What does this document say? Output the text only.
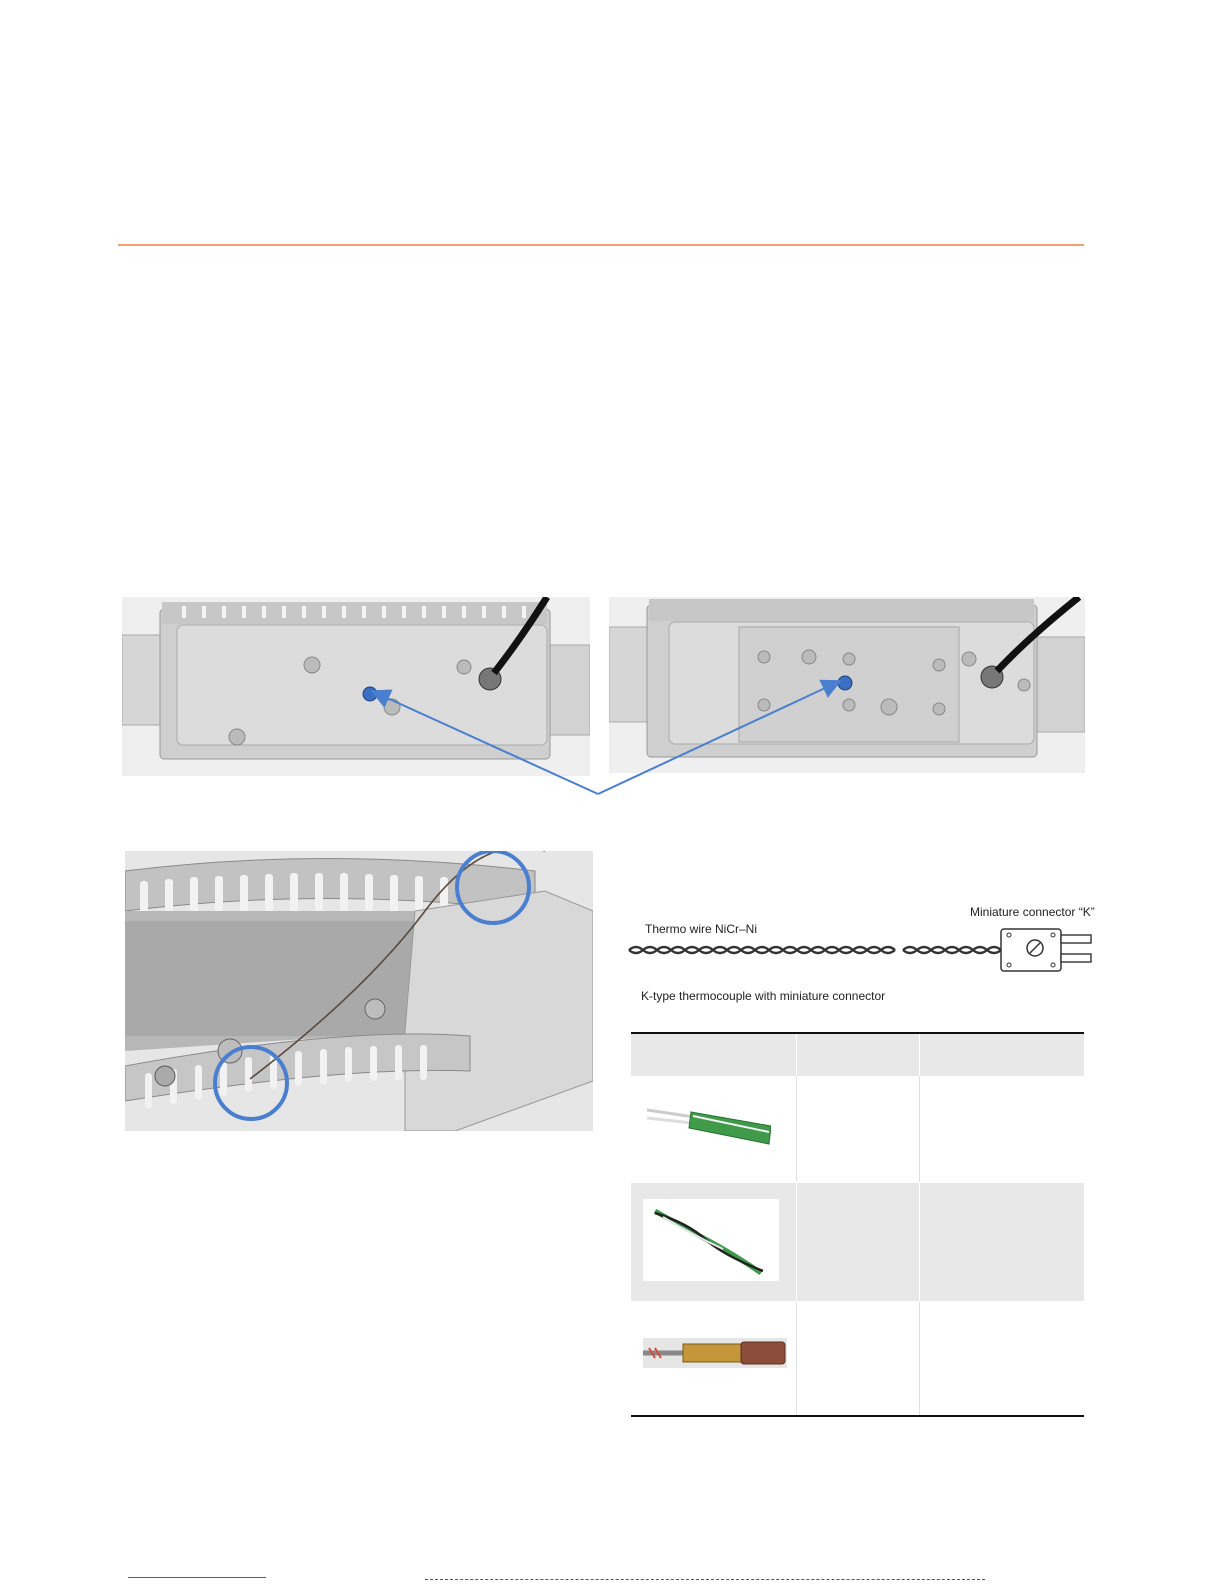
Thermo wire NiCr–Ni
Miniature connector “K”
K-type thermocouple with miniature connector
